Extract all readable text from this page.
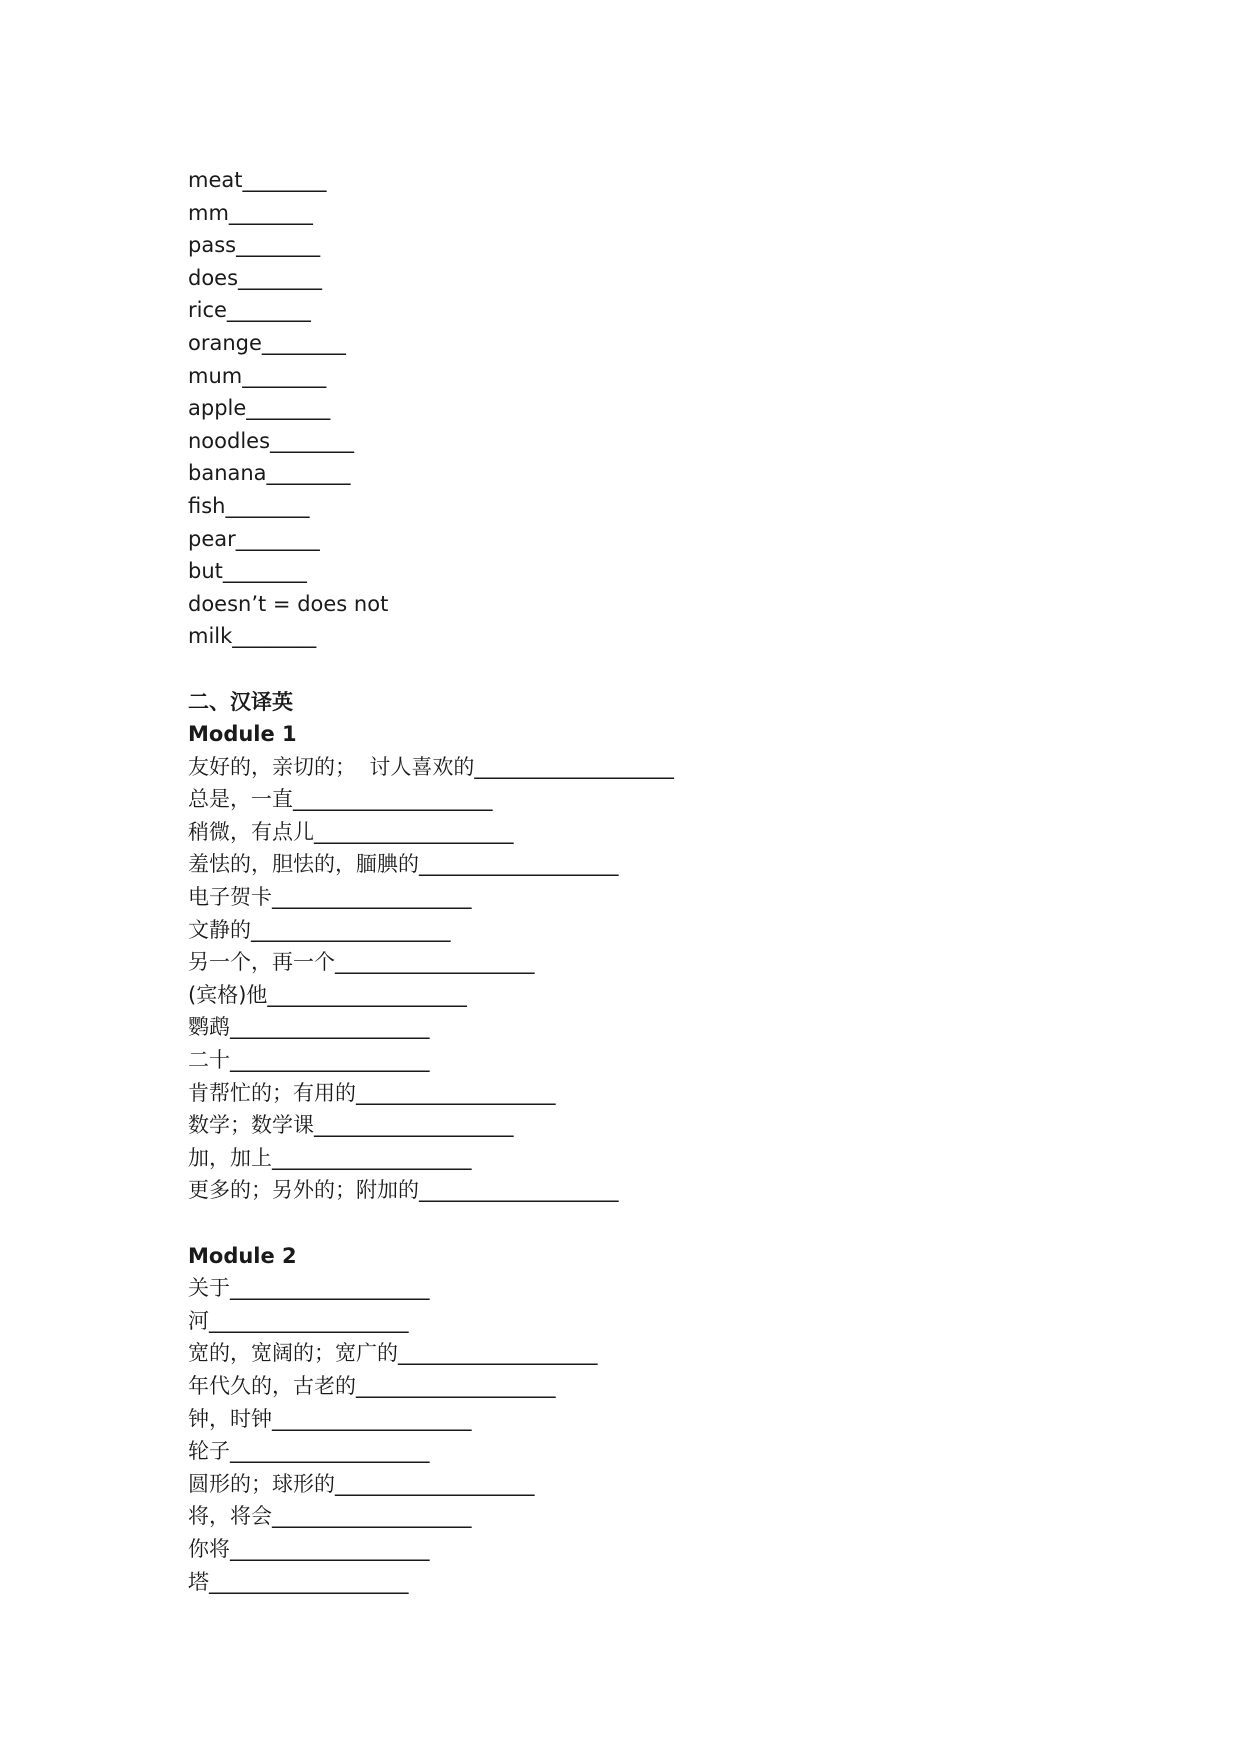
meat________
mm________
pass________
does________
rice________
orange________
mum________
apple________
noodles________
banana________
fish________
pear________
but________
doesn’t = does not
milk________
二、汉译英
Module 1
友好的，亲切的；  讨人喜欢的___________________
总是，一直___________________
稍微，有点儿___________________
羞怯的，胆怯的，腼腆的___________________
电子贺卡___________________
文静的___________________
另一个，再一个___________________
(宾格)他___________________
鹦鹉___________________
二十___________________
肯帮忙的；有用的___________________
数学；数学课___________________
加，加上___________________
更多的；另外的；附加的___________________
Module 2
关于___________________
河___________________
宽的，宽阔的；宽广的___________________
年代久的，古老的___________________
钟，时钟___________________
轮子___________________
圆形的；球形的___________________
将，将会___________________
你将___________________
塔___________________
